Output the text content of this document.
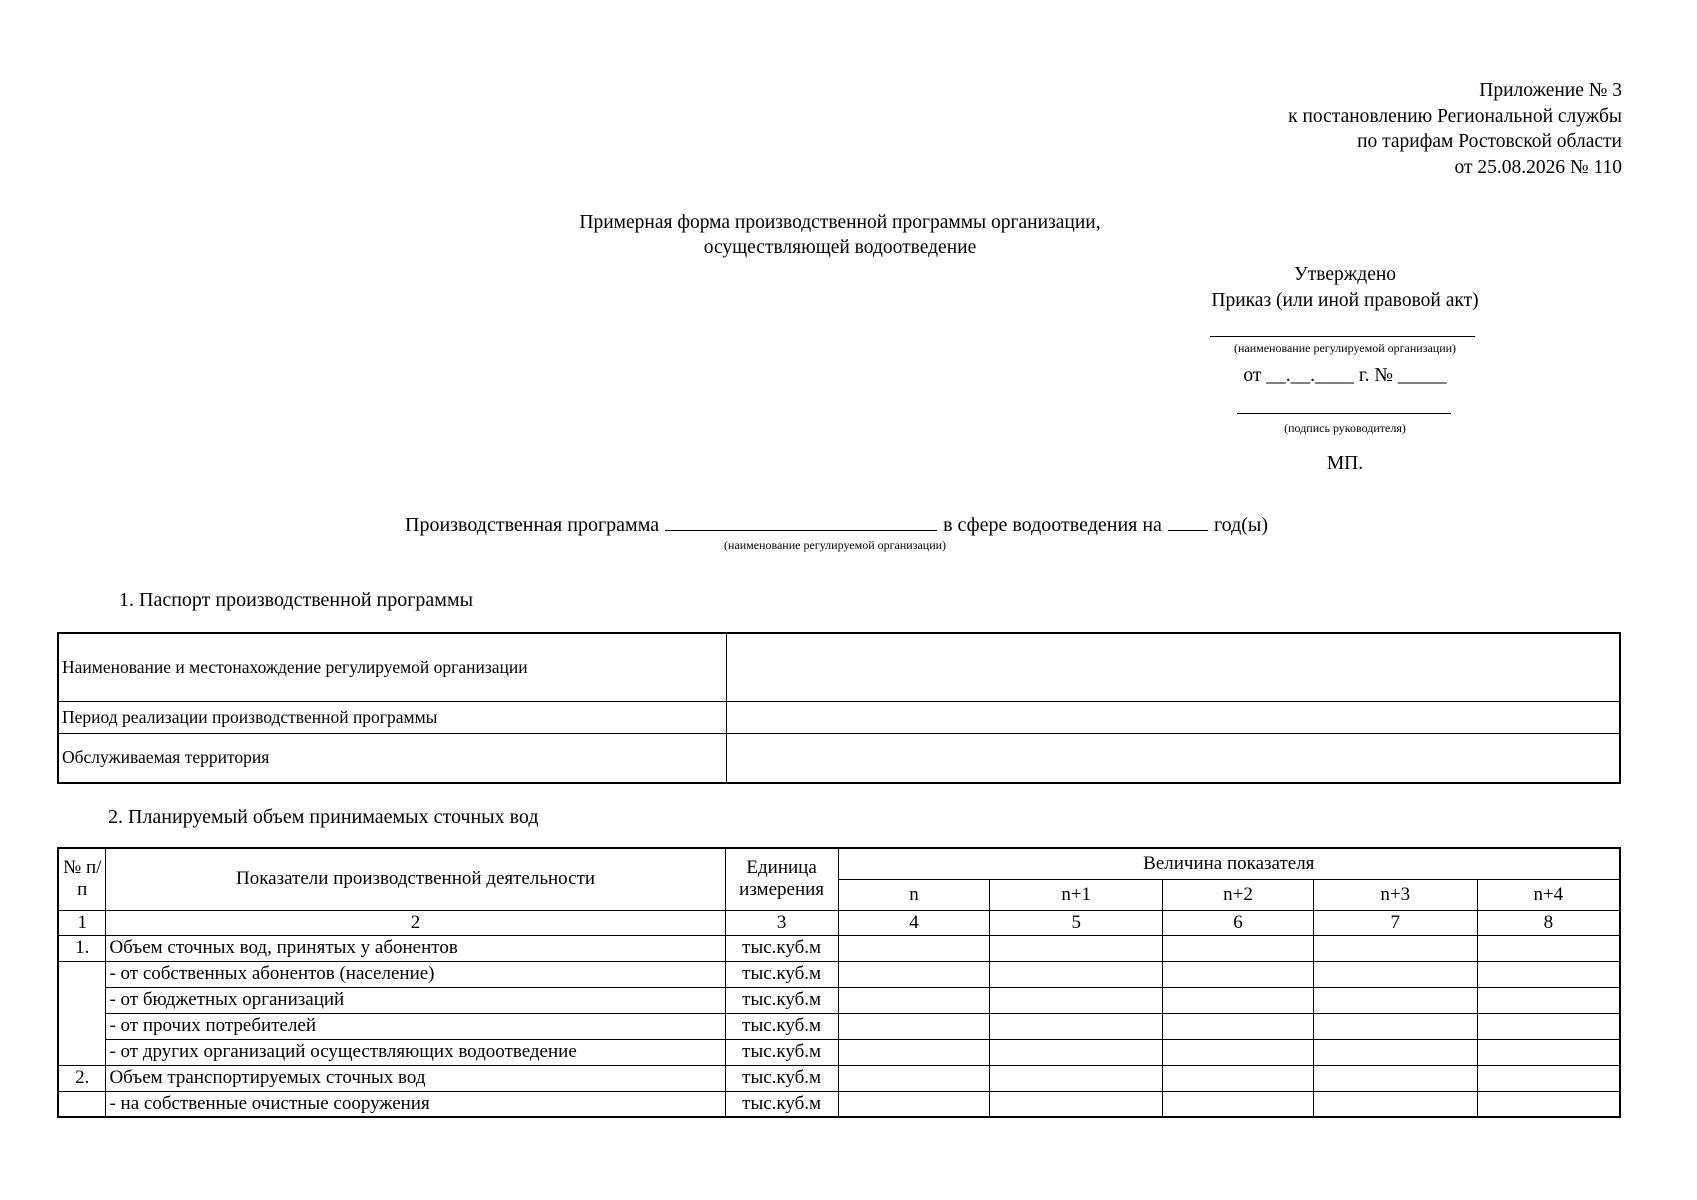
Приложение № 3
к постановлению Региональной службы
по тарифам Ростовской области
от 25.08.2026 № 110
Примерная форма производственной программы организации,
осуществляющей водоотведение
Утверждено
Приказ (или иной правовой акт)
(наименование регулируемой организации)
от __.__.____ г. № _____
(подпись руководителя)
МП.
Производственная программа	в сфере водоотведения на	год(ы)
(наименование регулируемой организации)
1. Паспорт производственной программы
Наименование и местонахождение регулируемой организации	
Период реализации производственной программы	
Обслуживаемая территория	
2. Планируемый объем принимаемых сточных вод
№ п/п	Показатели производственной деятельности	Единица измерения	Величина показателя				
			n	n+1	n+2	n+3	n+4
1	2	3	4	5	6	7	8
1.	Объем сточных вод, принятых у абонентов	тыс.куб.м					
	- от собственных абонентов (население)	тыс.куб.м					
	- от бюджетных организаций	тыс.куб.м					
	- от прочих потребителей	тыс.куб.м					
	- от других организаций осуществляющих водоотведение	тыс.куб.м					
2.	Объем транспортируемых сточных вод	тыс.куб.м					
	- на собственные очистные сооружения	тыс.куб.м					
